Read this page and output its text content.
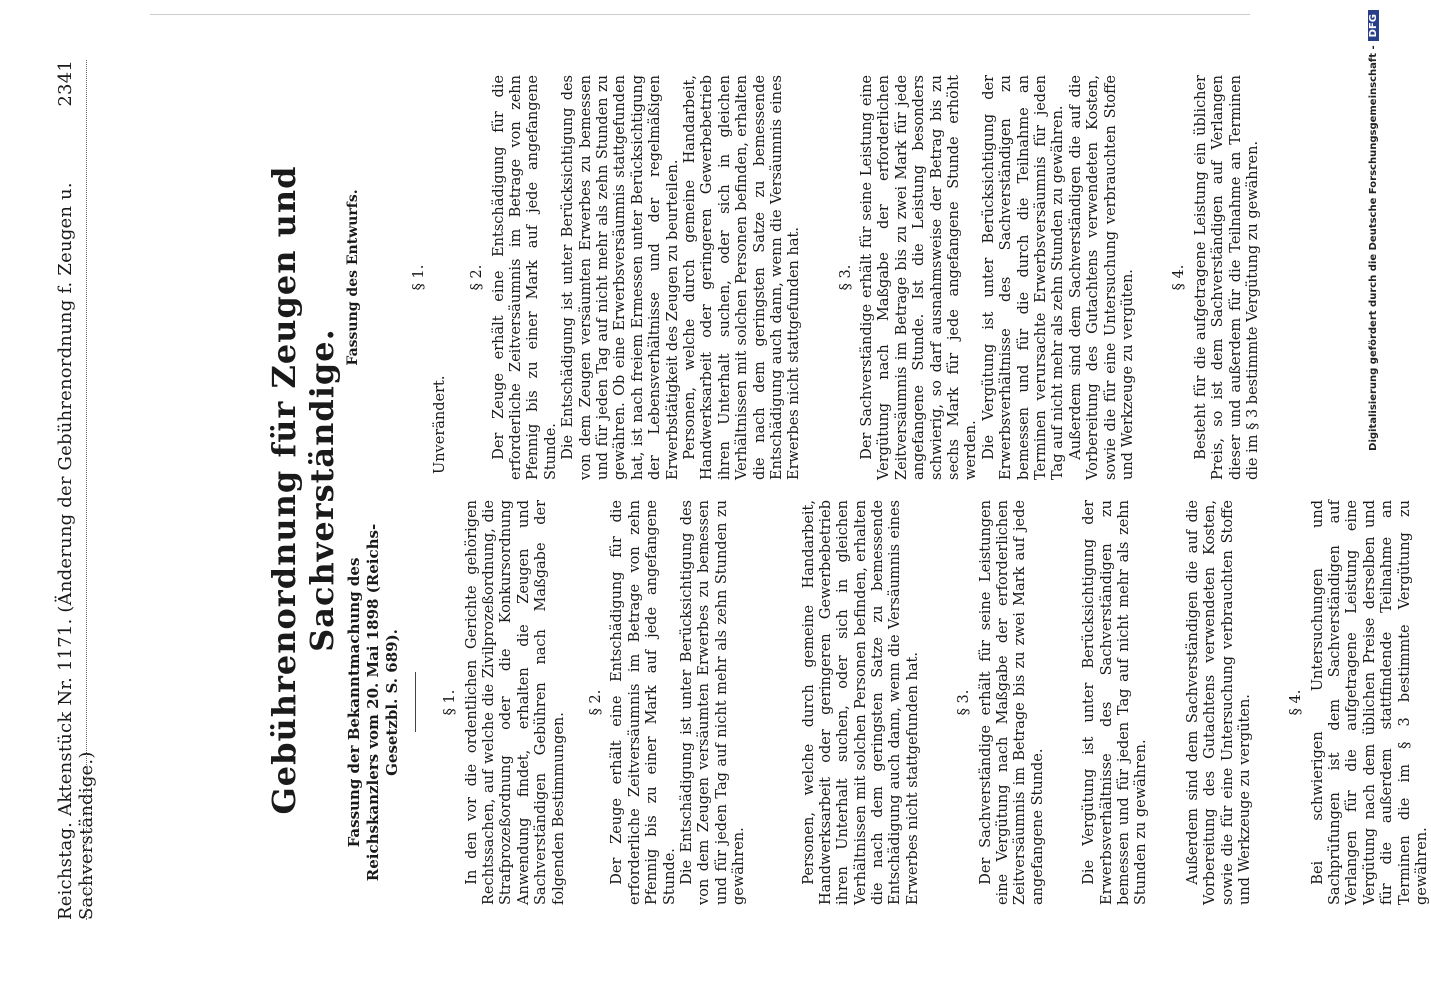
Reichstag. Aktenstück Nr. 1171. (Änderung der Gebührenordnung f. Zeugen u. Sachverständige.)
2341
Gebührenordnung für Zeugen und Sachverständige.
Fassung der Bekanntmachung des Reichskanzlers vom 20. Mai 1898 (Reichs-Gesetzbl. S. 689).	§ 1. In den vor die ordentlichen Gerichte gehörigen Rechtssachen, auf welche die Zivilprozeßordnung, die Strafprozeßordnung oder die Konkursordnung Anwendung findet, erhalten die Zeugen und Sachverständigen Gebühren nach Maßgabe der folgenden Bestimmungen.

§ 2. Der Zeuge erhält eine Entschädigung für die erforderliche Zeitversäumnis im Betrage von zehn Pfennig bis zu einer Mark auf jede angefangene Stunde. Die Entschädigung ist unter Berücksichtigung des von dem Zeugen versäumten Erwerbes zu bemessen und für jeden Tag auf nicht mehr als zehn Stunden zu gewähren.	Personen, welche durch gemeine Handarbeit, Handwerksarbeit oder geringeren Gewerbebetrieb ihren Unterhalt suchen, oder sich in gleichen Verhältnissen mit solchen Personen befinden, erhalten die nach dem geringsten Satze zu bemessende Entschädigung auch dann, wenn die Versäumnis eines Erwerbes nicht stattgefunden hat. § 3. Der Sachverständige erhält für seine Leistungen eine Vergütung nach Maßgabe der erforderlichen Zeitversäumnis im Betrage bis zu zwei Mark auf jede angefangene Stunde. Die Vergütung ist unter Berücksichtigung der Erwerbsverhältnisse des Sachverständigen zu bemessen und für jeden Tag auf nicht mehr als zehn Stunden zu gewähren. Außerdem sind dem Sachverständigen die auf die Vorbereitung des Gutachtens verwendeten Kosten, sowie die für eine Untersuchung verbrauchten Stoffe und Werkzeuge zu vergüten. § 4. Bei schwierigen Untersuchungen und Sachprüfungen ist dem Sachverständigen auf Verlangen für die aufgetragene Leistung eine Vergütung nach dem üblichen Preise derselben und für die außerdem stattfindende Teilnahme an Terminen die im § 3 bestimmte Vergütung zu gewähren.

Fassung des Entwurfs.	§ 1.

Unverändert.

§ 2. Der Zeuge erhält eine Entschädigung für die erforderliche Zeitversäumnis im Betrage von zehn Pfennig bis zu einer Mark auf jede angefangene Stunde. Die Entschädigung ist unter Berücksichtigung des von dem Zeugen versäumten Erwerbes zu bemessen und für jeden Tag auf nicht mehr als zehn Stunden zu gewähren. Ob eine Erwerbsversäumnis stattgefunden hat, ist nach freiem Ermessen unter Berücksichtigung der Lebensverhältnisse und der regelmäßigen Erwerbstätigkeit des Zeugen zu beurteilen. Personen, welche durch gemeine Handarbeit, Handwerksarbeit oder geringeren Gewerbebetrieb ihren Unterhalt suchen, oder sich in gleichen Verhältnissen mit solchen Personen befinden, erhalten die nach dem geringsten Satze zu bemessende Entschädigung auch dann, wenn die Versäumnis eines Erwerbes nicht stattgefunden hat. § 3. Der Sachverständige erhält für seine Leistung eine Vergütung nach Maßgabe der erforderlichen Zeitversäumnis im Betrage bis zu zwei Mark für jede angefangene Stunde. Ist die Leistung besonders schwierig, so darf ausnahmsweise der Betrag bis zu sechs Mark für jede angefangene Stunde erhöht werden. Die Vergütung ist unter Berücksichtigung der Erwerbsverhältnisse des Sachverständigen zu bemessen und für die durch die Teilnahme an Terminen verursachte Erwerbsversäumnis für jeden Tag auf nicht mehr als zehn Stunden zu gewähren. Außerdem sind dem Sachverständigen die auf die Vorbereitung des Gutachtens verwendeten Kosten, sowie die für eine Untersuchung verbrauchten Stoffe und Werkzeuge zu vergüten. § 4. Besteht für die aufgetragene Leistung ein üblicher Preis, so ist dem Sachverständigen auf Verlangen dieser und außerdem für die Teilnahme an Terminen die im § 3 bestimmte Vergütung zu gewähren.	Digitalisierung gefördert durch die Deutsche Forschungsgemeinschaft -DFG
